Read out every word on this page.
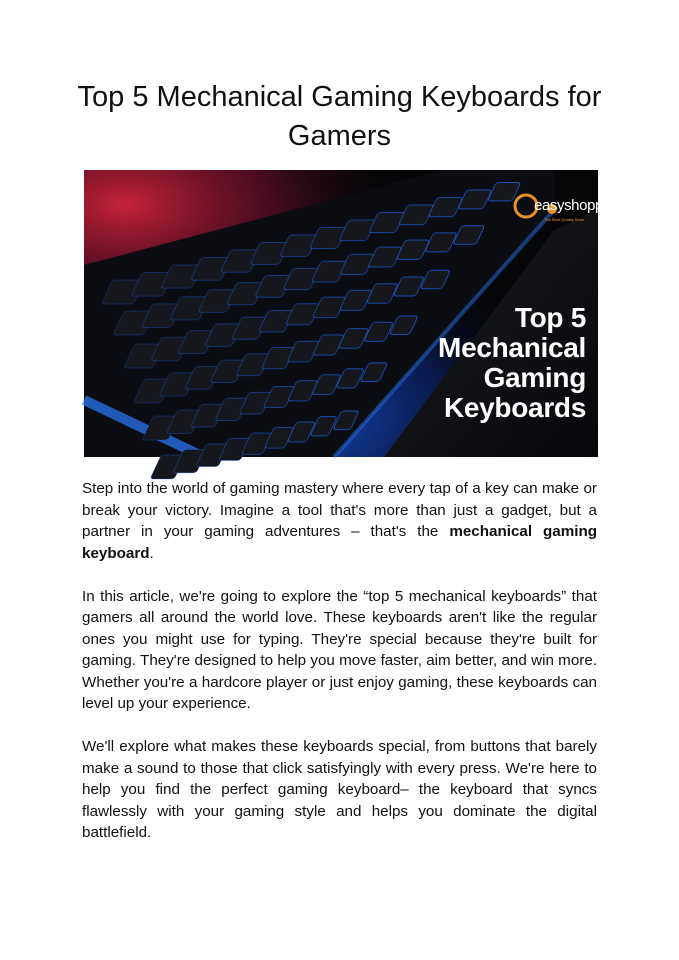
Top 5 Mechanical Gaming Keyboards for Gamers
easyshoppi
The Best Quality Store
Top 5
Mechanical
Gaming
Keyboards

Step into the world of gaming mastery where every tap of a key can make or break your victory. Imagine a tool that's more than just a gadget, but a partner in your gaming adventures – that's the mechanical gaming keyboard.

In this article, we're going to explore the “top 5 mechanical keyboards” that gamers all around the world love. These keyboards aren't like the regular ones you might use for typing. They're special because they're built for gaming. They're designed to help you move faster, aim better, and win more. Whether you're a hardcore player or just enjoy gaming, these keyboards can level up your experience.

We'll explore what makes these keyboards special, from buttons that barely make a sound to those that click satisfyingly with every press. We're here to help you find the perfect gaming keyboard– the keyboard that syncs flawlessly with your gaming style and helps you dominate the digital battlefield.
